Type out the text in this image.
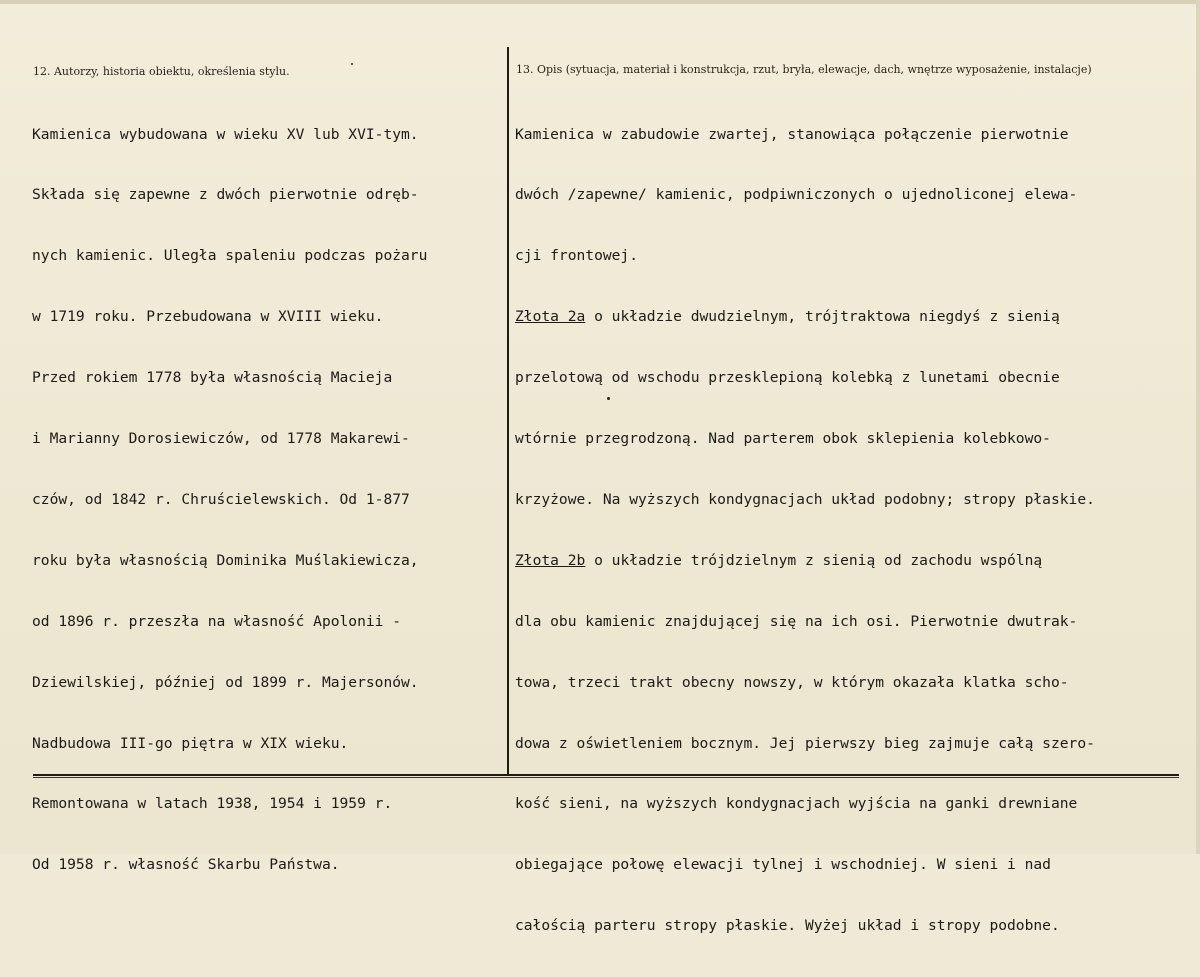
12. Autorzy, historia obiektu, określenia stylu.	13. Opis (sytuacja, materiał i konstrukcja, rzut, bryła, elewacje, dach, wnętrze wyposażenie, instalacje)

Kamienica wybudowana w wieku XV lub XVI-tym.

Składa się zapewne z dwóch pierwotnie odręb-

nych kamienic. Uległa spaleniu podczas pożaru

w 1719 roku. Przebudowana w XVIII wieku.

Przed rokiem 1778 była własnością Macieja

i Marianny Dorosiewiczów, od 1778 Makarewi-

czów, od 1842 r. Chruścielewskich. Od 1-877

roku była własnością Dominika Muślakiewicza,

od 1896 r. przeszła na własność Apolonii -

Dziewilskiej, później od 1899 r. Majersonów.

Nadbudowa III-go piętra w XIX wieku.

Remontowana w latach 1938, 1954 i 1959 r.

Od 1958 r. własność Skarbu Państwa.

Kamienica w zabudowie zwartej, stanowiąca połączenie pierwotnie

dwóch /zapewne/ kamienic, podpiwniczonych o ujednoliconej elewa-

cji frontowej.

Złota 2a o układzie dwudzielnym, trójtraktowa niegdyś z sienią

przelotową od wschodu przesklepioną kolebką z lunetami obecnie

wtórnie przegrodzoną. Nad parterem obok sklepienia kolebkowo-

krzyżowe. Na wyższych kondygnacjach układ podobny; stropy płaskie.

Złota 2b o układzie trójdzielnym z sienią od zachodu wspólną

dla obu kamienic znajdującej się na ich osi. Pierwotnie dwutrak-

towa, trzeci trakt obecny nowszy, w którym okazała klatka scho-

dowa z oświetleniem bocznym. Jej pierwszy bieg zajmuje całą szero-

kość sieni, na wyższych kondygnacjach wyjścia na ganki drewniane

obiegające połowę elewacji tylnej i wschodniej. W sieni i nad

całością parteru stropy płaskie. Wyżej układ i stropy podobne.
